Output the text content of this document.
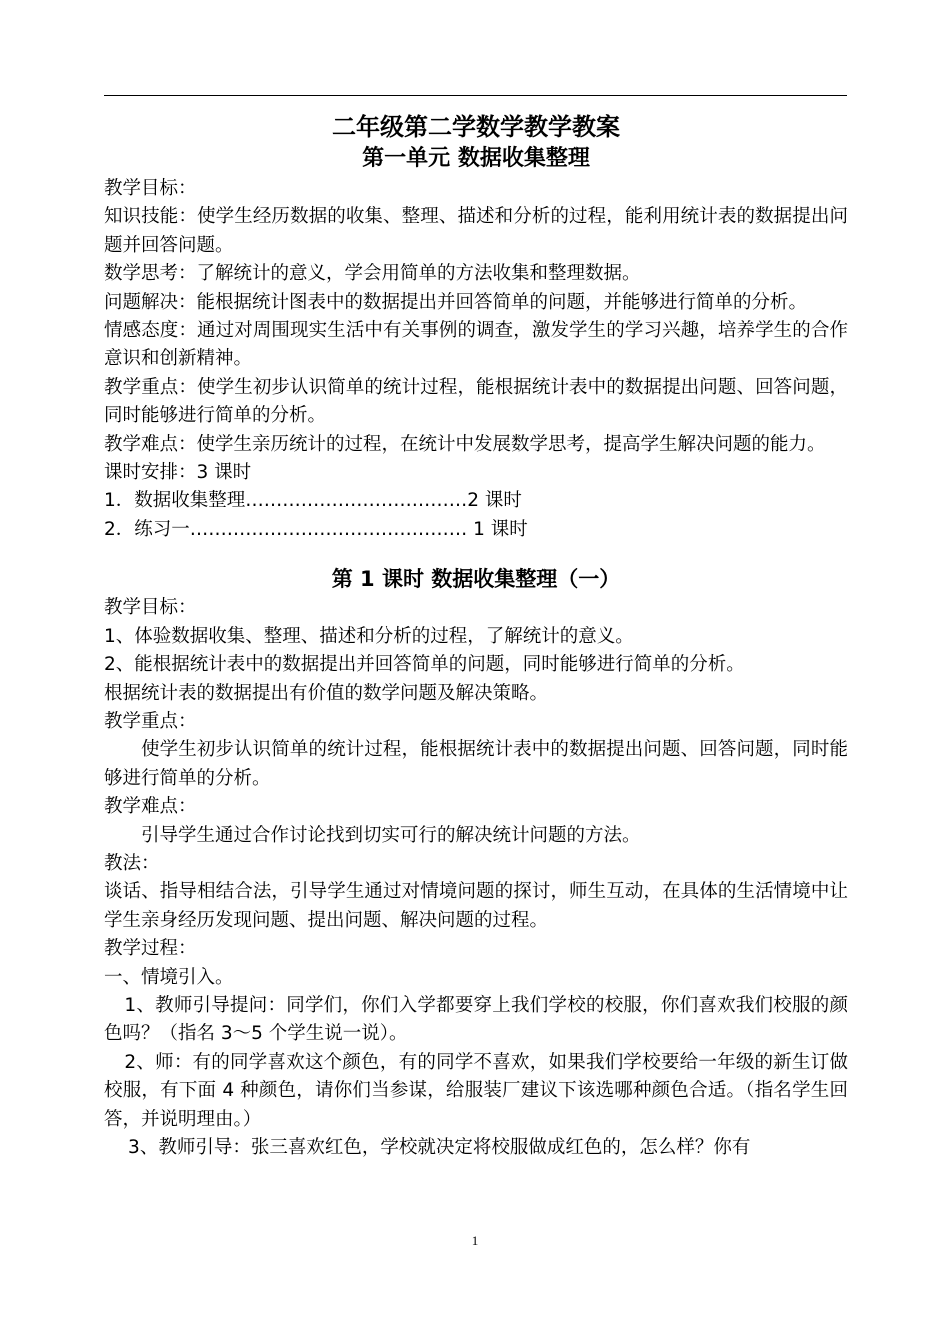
二年级第二学数学教学教案

第一单元 数据收集整理

教学目标：

知识技能：使学生经历数据的收集、整理、描述和分析的过程，能利用统计表的数据提出问题并回答问题。

数学思考：了解统计的意义，学会用简单的方法收集和整理数据。

问题解决：能根据统计图表中的数据提出并回答简单的问题，并能够进行简单的分析。

情感态度：通过对周围现实生活中有关事例的调查，激发学生的学习兴趣，培养学生的合作意识和创新精神。

教学重点：使学生初步认识简单的统计过程，能根据统计表中的数据提出问题、回答问题，同时能够进行简单的分析。

教学难点：使学生亲历统计的过程，在统计中发展数学思考，提高学生解决问题的能力。

课时安排：3 课时

1．数据收集整理………………………………2 课时

2．练习一……………………………………… 1 课时

第 1 课时 数据收集整理（一）

教学目标：

1、体验数据收集、整理、描述和分析的过程，了解统计的意义。

2、能根据统计表中的数据提出并回答简单的问题，同时能够进行简单的分析。

根据统计表的数据提出有价值的数学问题及解决策略。

教学重点：

使学生初步认识简单的统计过程，能根据统计表中的数据提出问题、回答问题，同时能够进行简单的分析。

教学难点：

引导学生通过合作讨论找到切实可行的解决统计问题的方法。

教法：

谈话、指导相结合法，引导学生通过对情境问题的探讨，师生互动，在具体的生活情境中让学生亲身经历发现问题、提出问题、解决问题的过程。

教学过程：

一、情境引入。

1、教师引导提问：同学们，你们入学都要穿上我们学校的校服，你们喜欢我们校服的颜色吗？（指名 3～5 个学生说一说）。

2、师：有的同学喜欢这个颜色，有的同学不喜欢，如果我们学校要给一年级的新生订做校服，有下面 4 种颜色，请你们当参谋，给服装厂建议下该选哪种颜色合适。（指名学生回答，并说明理由。）

3、教师引导：张三喜欢红色，学校就决定将校服做成红色的，怎么样？你有

1
